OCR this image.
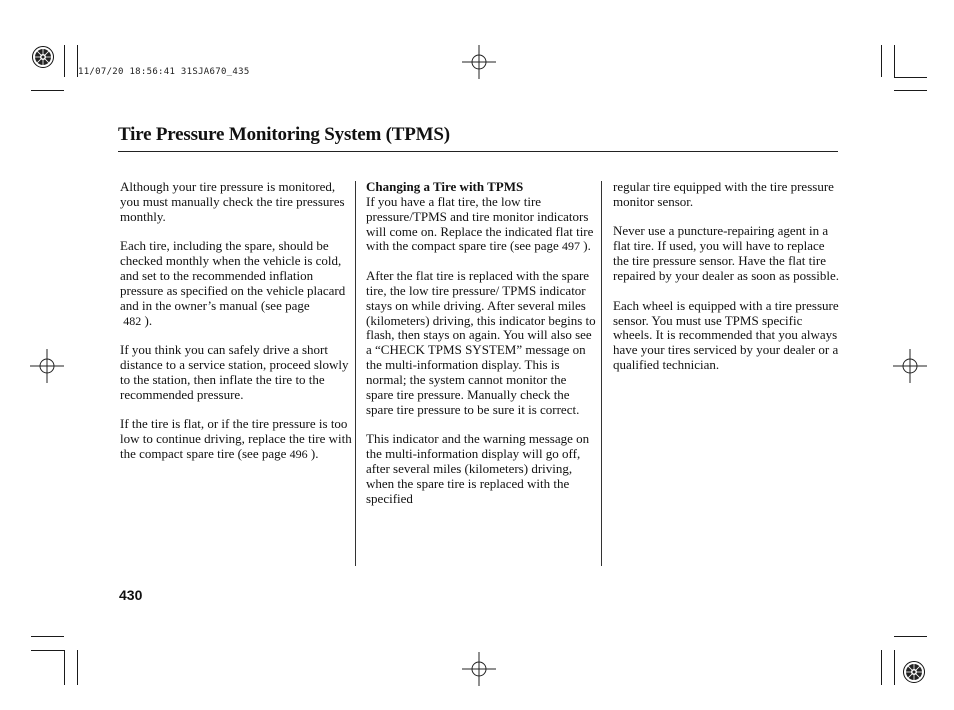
11/07/20 18:56:41 31SJA670_435
Tire Pressure Monitoring System (TPMS)

Although your tire pressure is monitored, you must manually check the tire pressures monthly.

Each tire, including the spare, should be checked monthly when the vehicle is cold, and set to the recommended inflation pressure as specified on the vehicle placard and in the owner’s manual (see page
482 ).

If you think you can safely drive a short distance to a service station, proceed slowly to the station, then inflate the tire to the recommended pressure.

If the tire is flat, or if the tire pressure is too low to continue driving, replace the tire with the compact spare tire (see page 496 ).

Changing a Tire with TPMS
If you have a flat tire, the low tire pressure/TPMS and tire monitor indicators will come on. Replace the indicated flat tire with the compact spare tire (see page 497 ).

After the flat tire is replaced with the spare tire, the low tire pressure/ TPMS indicator stays on while driving. After several miles (kilometers) driving, this indicator begins to flash, then stays on again. You will also see a “CHECK TPMS SYSTEM” message on the multi-information display. This is normal; the system cannot monitor the spare tire pressure. Manually check the spare tire pressure to be sure it is correct.

This indicator and the warning message on the multi-information display will go off, after several miles (kilometers) driving, when the spare tire is replaced with the specified

regular tire equipped with the tire pressure monitor sensor.

Never use a puncture-repairing agent in a flat tire. If used, you will have to replace the tire pressure sensor. Have the flat tire repaired by your dealer as soon as possible.

Each wheel is equipped with a tire pressure sensor. You must use TPMS specific wheels. It is recommended that you always have your tires serviced by your dealer or a qualified technician.

430
